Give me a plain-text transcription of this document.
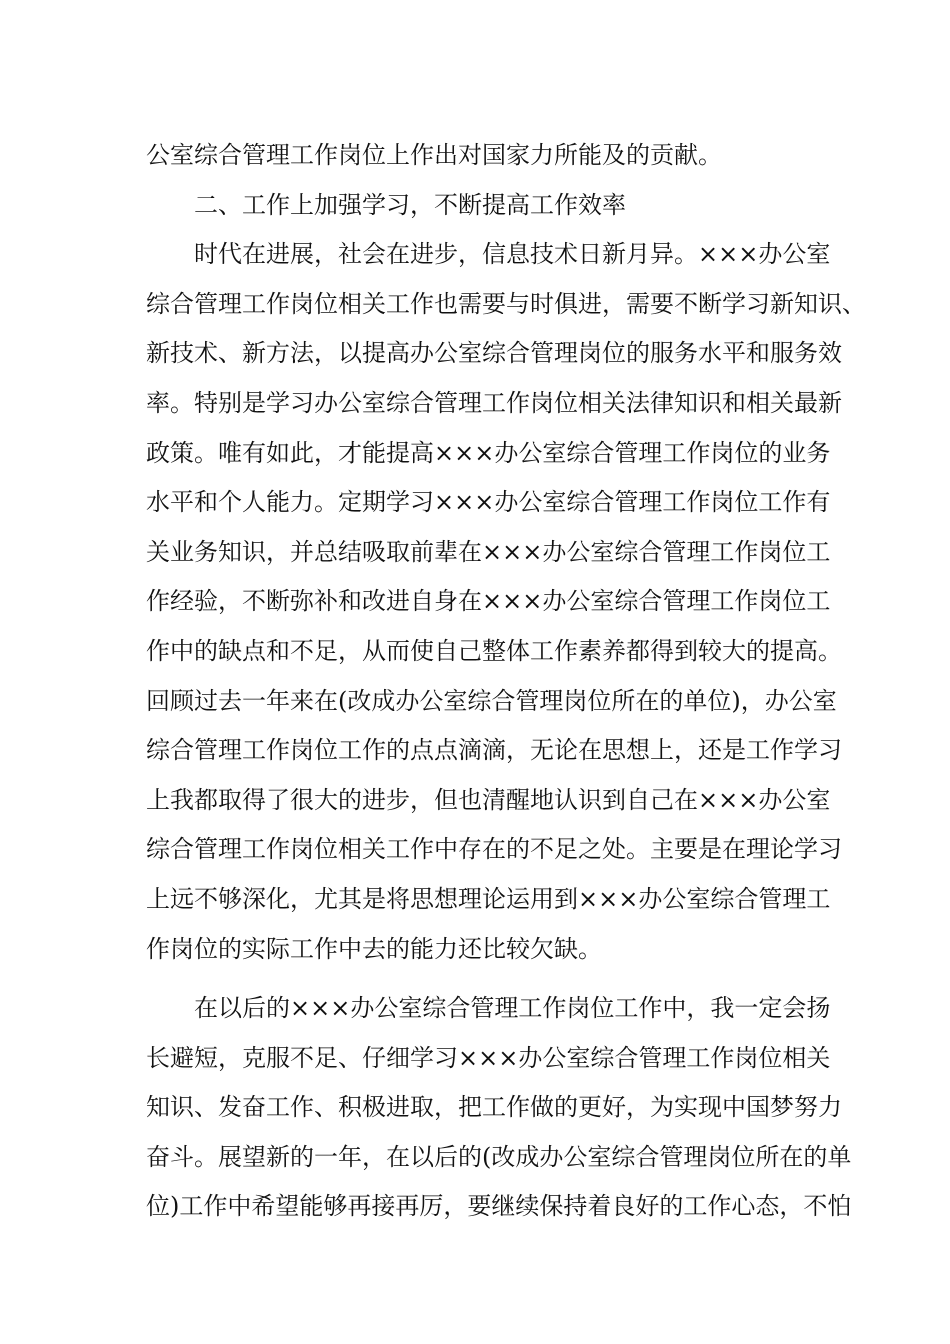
公室综合管理工作岗位上作出对国家力所能及的贡献。
二、工作上加强学习，不断提高工作效率
时代在进展，社会在进步，信息技术日新月异。×××办公室
综合管理工作岗位相关工作也需要与时俱进，需要不断学习新知识、
新技术、新方法，以提高办公室综合管理岗位的服务水平和服务效
率。特别是学习办公室综合管理工作岗位相关法律知识和相关最新
政策。唯有如此，才能提高×××办公室综合管理工作岗位的业务
水平和个人能力。定期学习×××办公室综合管理工作岗位工作有
关业务知识，并总结吸取前辈在×××办公室综合管理工作岗位工
作经验，不断弥补和改进自身在×××办公室综合管理工作岗位工
作中的缺点和不足，从而使自己整体工作素养都得到较大的提高。
回顾过去一年来在(改成办公室综合管理岗位所在的单位)，办公室
综合管理工作岗位工作的点点滴滴，无论在思想上，还是工作学习
上我都取得了很大的进步，但也清醒地认识到自己在×××办公室
综合管理工作岗位相关工作中存在的不足之处。主要是在理论学习
上远不够深化，尤其是将思想理论运用到×××办公室综合管理工
作岗位的实际工作中去的能力还比较欠缺。
在以后的×××办公室综合管理工作岗位工作中，我一定会扬
长避短，克服不足、仔细学习×××办公室综合管理工作岗位相关
知识、发奋工作、积极进取，把工作做的更好，为实现中国梦努力
奋斗。展望新的一年，在以后的(改成办公室综合管理岗位所在的单
位)工作中希望能够再接再厉，要继续保持着良好的工作心态，不怕
